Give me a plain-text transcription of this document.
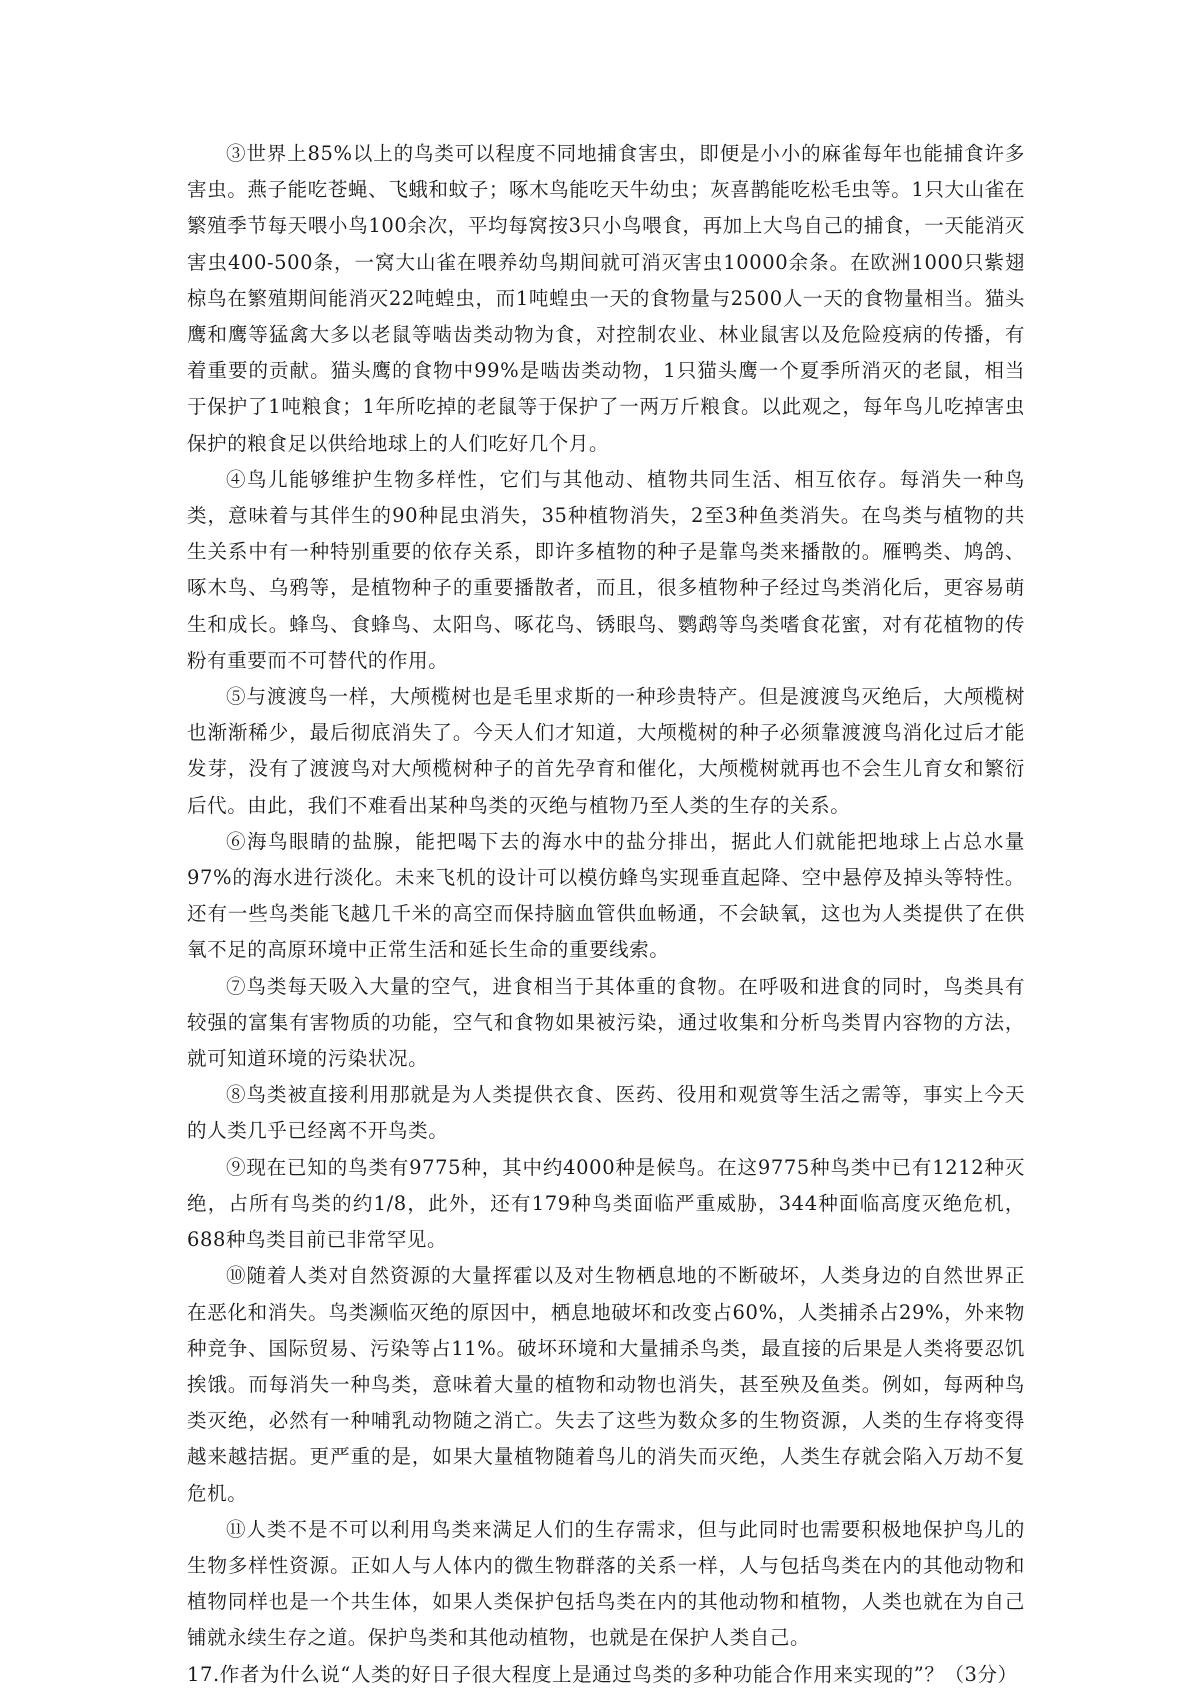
③世界上85%以上的鸟类可以程度不同地捕食害虫，即便是小小的麻雀每年也能捕食许多害虫。燕子能吃苍蝇、飞蛾和蚊子；啄木鸟能吃天牛幼虫；灰喜鹊能吃松毛虫等。1只大山雀在繁殖季节每天喂小鸟100余次，平均每窝按3只小鸟喂食，再加上大鸟自己的捕食，一天能消灭害虫400-500条，一窝大山雀在喂养幼鸟期间就可消灭害虫10000余条。在欧洲1000只紫翅椋鸟在繁殖期间能消灭22吨蝗虫，而1吨蝗虫一天的食物量与2500人一天的食物量相当。猫头鹰和鹰等猛禽大多以老鼠等啮齿类动物为食，对控制农业、林业鼠害以及危险疫病的传播，有着重要的贡献。猫头鹰的食物中99%是啮齿类动物，1只猫头鹰一个夏季所消灭的老鼠，相当于保护了1吨粮食；1年所吃掉的老鼠等于保护了一两万斤粮食。以此观之，每年鸟儿吃掉害虫保护的粮食足以供给地球上的人们吃好几个月。

④鸟儿能够维护生物多样性，它们与其他动、植物共同生活、相互依存。每消失一种鸟类，意味着与其伴生的90种昆虫消失，35种植物消失，2至3种鱼类消失。在鸟类与植物的共生关系中有一种特别重要的依存关系，即许多植物的种子是靠鸟类来播散的。雁鸭类、鸠鸽、啄木鸟、乌鸦等，是植物种子的重要播散者，而且，很多植物种子经过鸟类消化后，更容易萌生和成长。蜂鸟、食蜂鸟、太阳鸟、啄花鸟、锈眼鸟、鹦鹉等鸟类嗜食花蜜，对有花植物的传粉有重要而不可替代的作用。

⑤与渡渡鸟一样，大颅榄树也是毛里求斯的一种珍贵特产。但是渡渡鸟灭绝后，大颅榄树也渐渐稀少，最后彻底消失了。今天人们才知道，大颅榄树的种子必须靠渡渡鸟消化过后才能发芽，没有了渡渡鸟对大颅榄树种子的首先孕育和催化，大颅榄树就再也不会生儿育女和繁衍后代。由此，我们不难看出某种鸟类的灭绝与植物乃至人类的生存的关系。

⑥海鸟眼睛的盐腺，能把喝下去的海水中的盐分排出，据此人们就能把地球上占总水量97%的海水进行淡化。未来飞机的设计可以模仿蜂鸟实现垂直起降、空中悬停及掉头等特性。还有一些鸟类能飞越几千米的高空而保持脑血管供血畅通，不会缺氧，这也为人类提供了在供氧不足的高原环境中正常生活和延长生命的重要线索。

⑦鸟类每天吸入大量的空气，进食相当于其体重的食物。在呼吸和进食的同时，鸟类具有较强的富集有害物质的功能，空气和食物如果被污染，通过收集和分析鸟类胃内容物的方法，就可知道环境的污染状况。

⑧鸟类被直接利用那就是为人类提供衣食、医药、役用和观赏等生活之需等，事实上今天的人类几乎已经离不开鸟类。

⑨现在已知的鸟类有9775种，其中约4000种是候鸟。在这9775种鸟类中已有1212种灭绝，占所有鸟类的约1/8，此外，还有179种鸟类面临严重威胁，344种面临高度灭绝危机，688种鸟类目前已非常罕见。

⑩随着人类对自然资源的大量挥霍以及对生物栖息地的不断破坏，人类身边的自然世界正在恶化和消失。鸟类濒临灭绝的原因中，栖息地破坏和改变占60%，人类捕杀占29%，外来物种竞争、国际贸易、污染等占11%。破坏环境和大量捕杀鸟类，最直接的后果是人类将要忍饥挨饿。而每消失一种鸟类，意味着大量的植物和动物也消失，甚至殃及鱼类。例如，每两种鸟类灭绝，必然有一种哺乳动物随之消亡。失去了这些为数众多的生物资源，人类的生存将变得越来越拮据。更严重的是，如果大量植物随着鸟儿的消失而灭绝，人类生存就会陷入万劫不复危机。

⑪人类不是不可以利用鸟类来满足人们的生存需求，但与此同时也需要积极地保护鸟儿的生物多样性资源。正如人与人体内的微生物群落的关系一样，人与包括鸟类在内的其他动物和植物同样也是一个共生体，如果人类保护包括鸟类在内的其他动物和植物，人类也就在为自己铺就永续生存之道。保护鸟类和其他动植物，也就是在保护人类自己。

17.作者为什么说“人类的好日子很大程度上是通过鸟类的多种功能合作用来实现的”？（3分）
